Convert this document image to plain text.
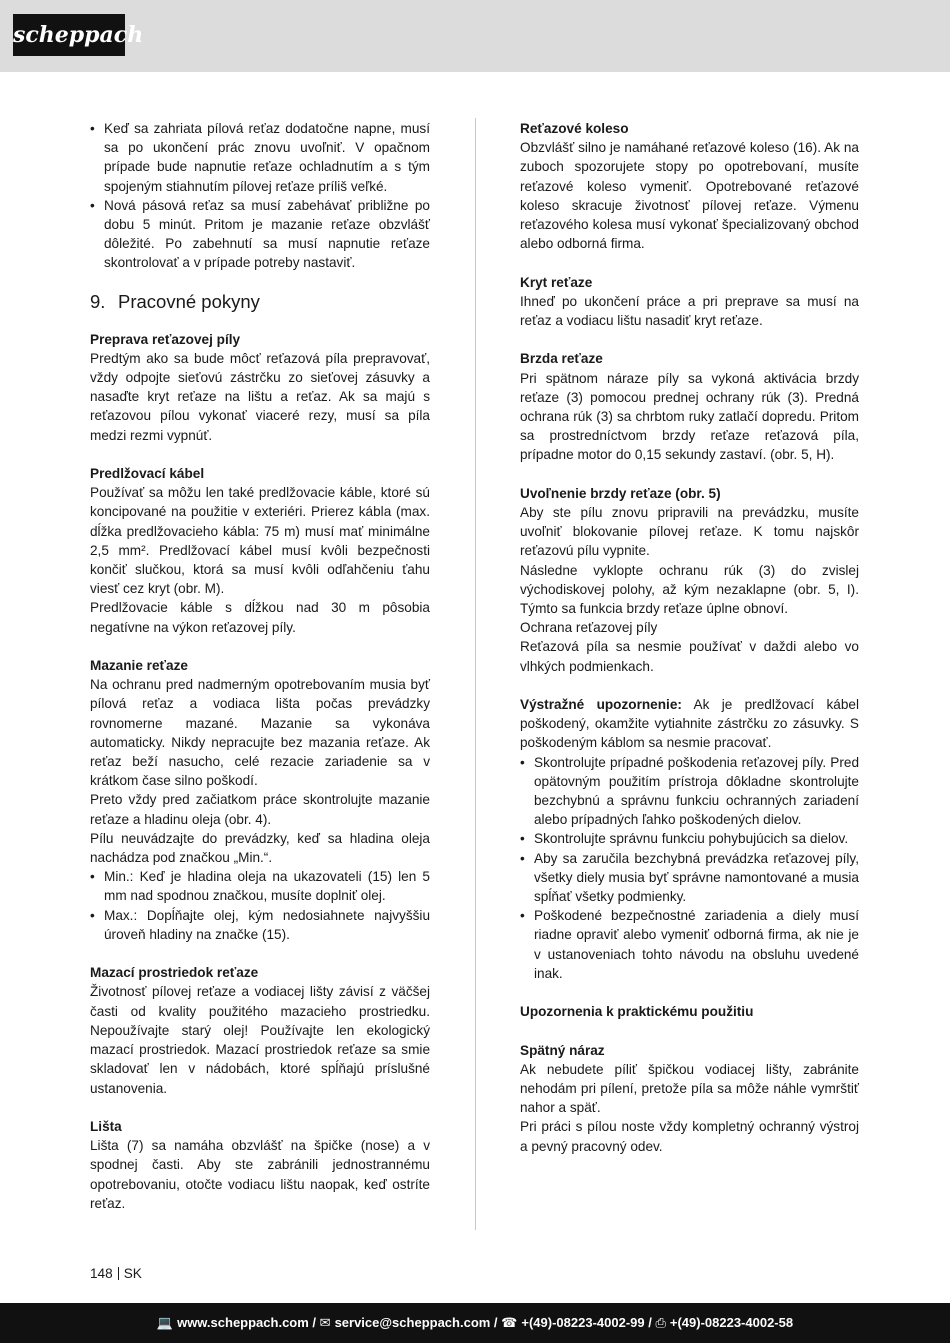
scheppach
• Keď sa zahriata pílová reťaz dodatočne napne, musí sa po ukončení prác znovu uvoľniť. V opačnom prípade bude napnutie reťaze ochladnutím a s tým spojeným stiahnutím pílovej reťaze príliš veľké.
• Nová pásová reťaz sa musí zabehávať približne po dobu 5 minút. Pritom je mazanie reťaze obzvlášť dôležité. Po zabehnutí sa musí napnutie reťaze skontrolovať a v prípade potreby nastaviť.
9. Pracovné pokyny
Preprava reťazovej píly
Predtým ako sa bude môcť reťazová píla prepravovať, vždy odpojte sieťovú zástrčku zo sieťovej zásuvky a nasaďte kryt reťaze na lištu a reťaz. Ak sa majú s reťazovou pílou vykonať viaceré rezy, musí sa píla medzi rezmi vypnúť.
Predlžovací kábel
Používať sa môžu len také predlžovacie káble, ktoré sú koncipované na použitie v exteriéri. Prierez kábla (max. dĺžka predlžovacieho kábla: 75 m) musí mať minimálne 2,5 mm². Predlžovací kábel musí kvôli bezpečnosti končiť slučkou, ktorá sa musí kvôli odľahčeniu ťahu viesť cez kryt (obr. M).
Predlžovacie káble s dĺžkou nad 30 m pôsobia negatívne na výkon reťazovej píly.
Mazanie reťaze
Na ochranu pred nadmerným opotrebovaním musia byť pílová reťaz a vodiaca lišta počas prevádzky rovnomerne mazané. Mazanie sa vykonáva automaticky. Nikdy nepracujte bez mazania reťaze. Ak reťaz beží nasucho, celé rezacie zariadenie sa v krátkom čase silno poškodí.
Preto vždy pred začiatkom práce skontrolujte mazanie reťaze a hladinu oleja (obr. 4).
Pílu neuvádzajte do prevádzky, keď sa hladina oleja nachádza pod značkou „Min.“.
• Min.: Keď je hladina oleja na ukazovateli (15) len 5 mm nad spodnou značkou, musíte doplniť olej.
• Max.: Dopĺňajte olej, kým nedosiahnete najvyššiu úroveň hladiny na značke (15).
Mazací prostriedok reťaze
Životnosť pílovej reťaze a vodiacej lišty závisí z väčšej časti od kvality použitého mazacieho prostriedku. Nepoužívajte starý olej! Používajte len ekologický mazací prostriedok. Mazací prostriedok reťaze sa smie skladovať len v nádobách, ktoré spĺňajú príslušné ustanovenia.
Lišta
Lišta (7) sa namáha obzvlášť na špičke (nose) a v spodnej časti. Aby ste zabránili jednostrannému opotrebovaniu, otočte vodiacu lištu naopak, keď ostríte reťaz.
Reťazové koleso
Obzvlášť silno je namáhané reťazové koleso (16). Ak na zuboch spozorujete stopy po opotrebovaní, musíte reťazové koleso vymeniť. Opotrebované reťazové koleso skracuje životnosť pílovej reťaze. Výmenu reťazového kolesa musí vykonať špecializovaný obchod alebo odborná firma.
Kryt reťaze
Ihneď po ukončení práce a pri preprave sa musí na reťaz a vodiacu lištu nasadiť kryt reťaze.
Brzda reťaze
Pri spätnom náraze píly sa vykoná aktivácia brzdy reťaze (3) pomocou prednej ochrany rúk (3). Predná ochrana rúk (3) sa chrbtom ruky zatlačí dopredu. Pritom sa prostredníctvom brzdy reťaze reťazová píla, prípadne motor do 0,15 sekundy zastaví. (obr. 5, H).
Uvoľnenie brzdy reťaze (obr. 5)
Aby ste pílu znovu pripravili na prevádzku, musíte uvoľniť blokovanie pílovej reťaze. K tomu najskôr reťazovú pílu vypnite.
Následne vyklopte ochranu rúk (3) do zvislej východiskovej polohy, až kým nezaklapne (obr. 5, I). Týmto sa funkcia brzdy reťaze úplne obnoví.
Ochrana reťazovej píly
Reťazová píla sa nesmie používať v daždi alebo vo vlhkých podmienkach.
Výstražné upozornenie: Ak je predlžovací kábel poškodený, okamžite vytiahnite zástrčku zo zásuvky. S poškodeným káblom sa nesmie pracovať.
• Skontrolujte prípadné poškodenia reťazovej píly. Pred opätovným použitím prístroja dôkladne skontrolujte bezchybnú a správnu funkciu ochranných zariadení alebo prípadných ľahko poškodených dielov.
• Skontrolujte správnu funkciu pohybujúcich sa dielov.
• Aby sa zaručila bezchybná prevádzka reťazovej píly, všetky diely musia byť správne namontované a musia spĺňať všetky podmienky.
• Poškodené bezpečnostné zariadenia a diely musí riadne opraviť alebo vymeniť odborná firma, ak nie je v ustanoveniach tohto návodu na obsluhu uvedené inak.
Upozornenia k praktickému použitiu
Spätný náraz
Ak nebudete píliť špičkou vodiacej lišty, zabránite nehodám pri pílení, pretože píla sa môže náhle vymrštiť nahor a späť.
Pri práci s pílou noste vždy kompletný ochranný výstroj a pevný pracovný odev.
148 SK
💻 www.scheppach.com / ✉ service@scheppach.com / ☎ +(49)-08223-4002-99 / ⎙ +(49)-08223-4002-58
